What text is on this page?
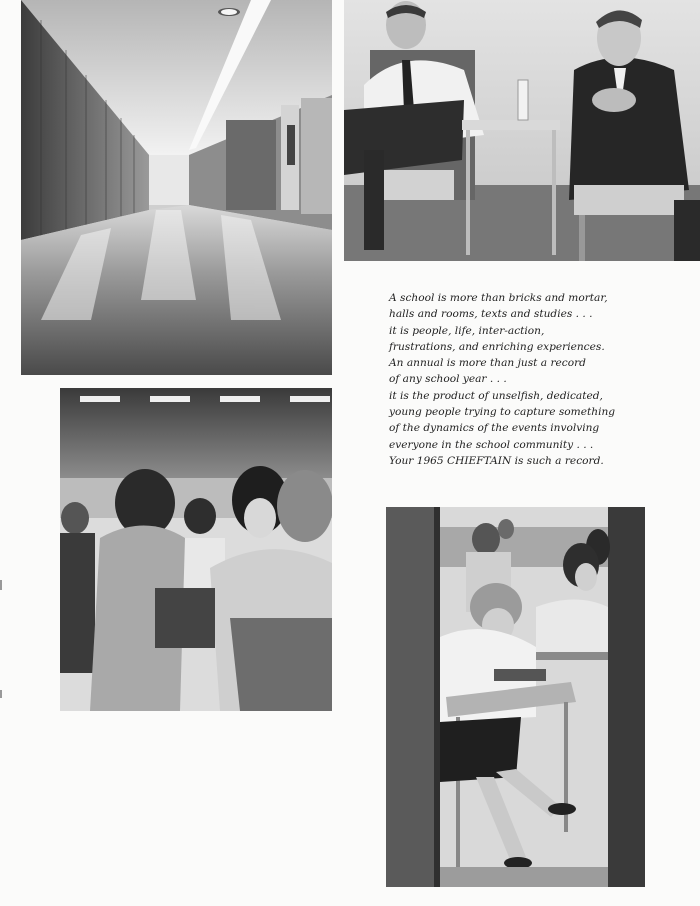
A school is more than bricks and mortar,
halls and rooms, texts and studies . . .
it is people, life, inter-action,
frustrations, and enriching experiences.
An annual is more than just a record
of any school year . . .
it is the product of unselfish, dedicated,
young people trying to capture something
of the dynamics of the events involving
everyone in the school community . . .
Your 1965 CHIEFTAIN is such a record.
